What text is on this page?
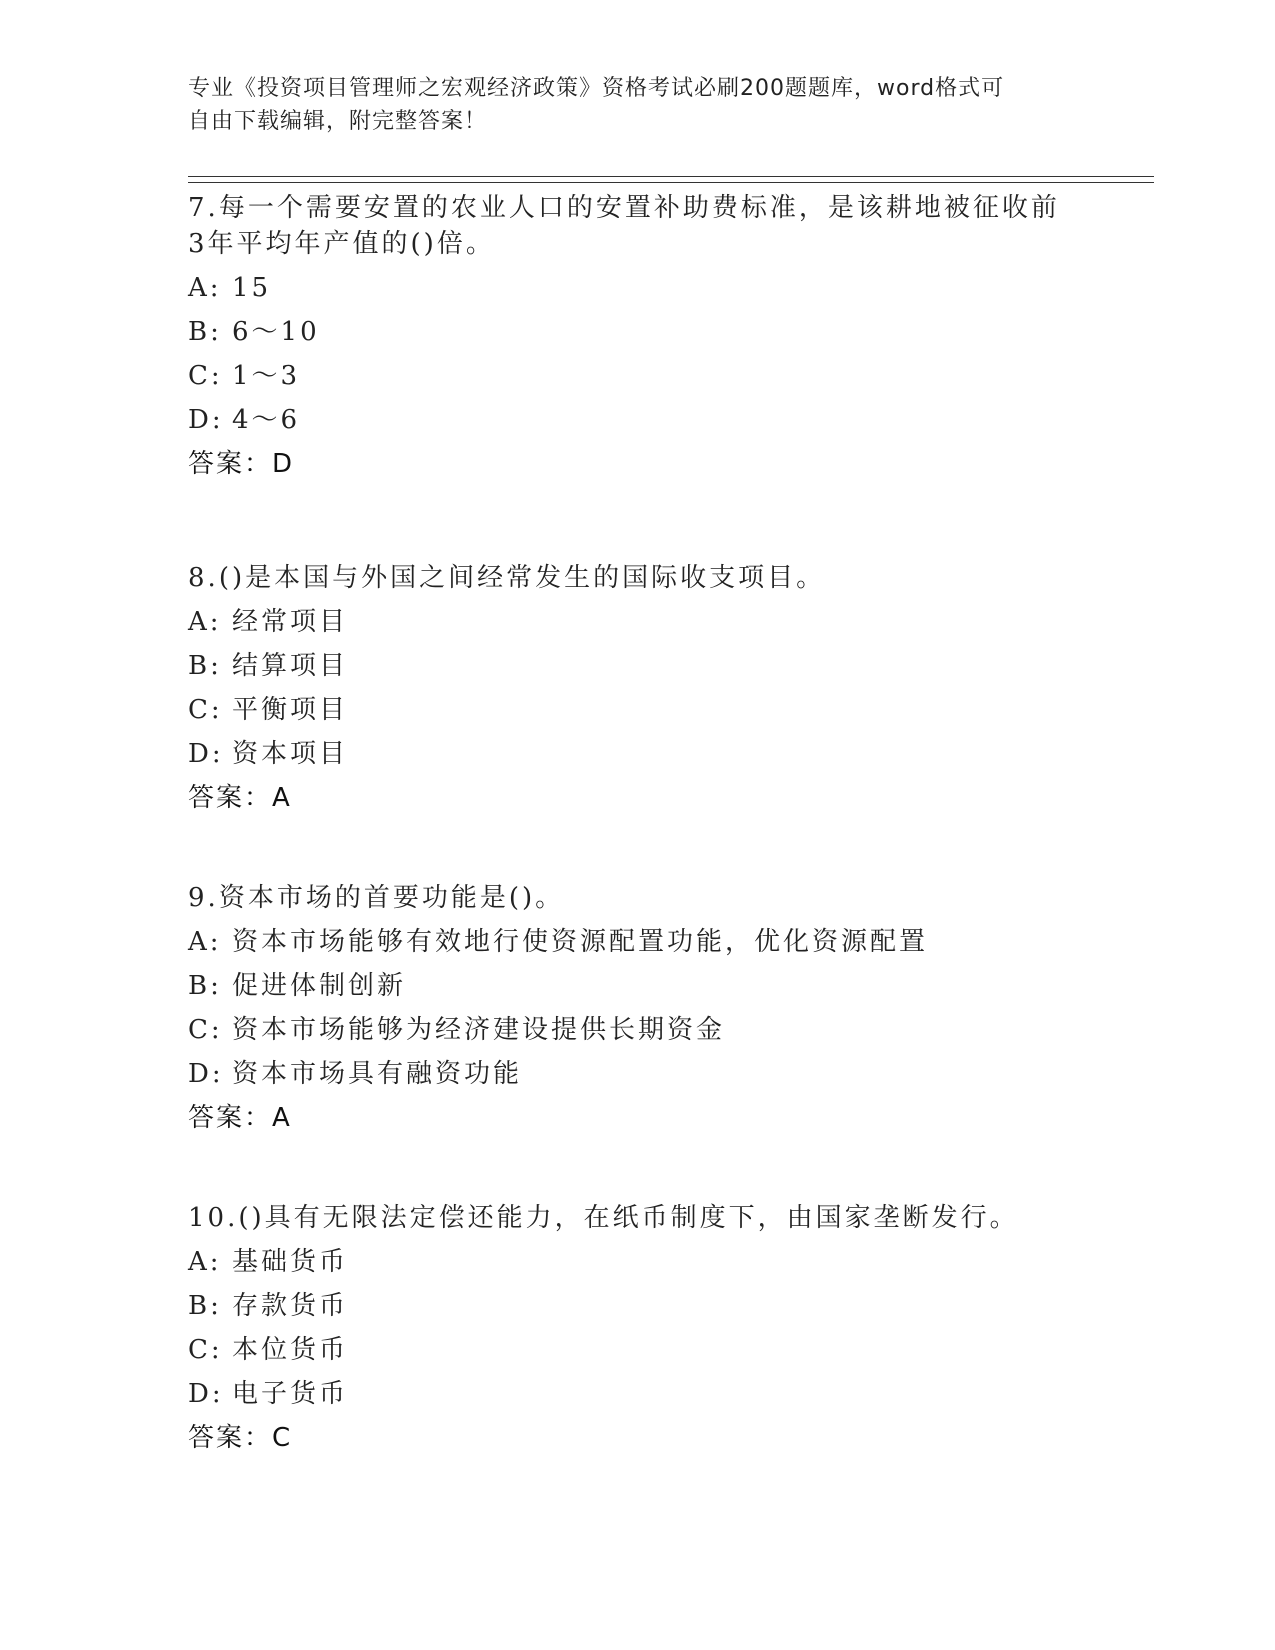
专业《投资项目管理师之宏观经济政策》资格考试必刷200题题库，word格式可
自由下载编辑，附完整答案！
7.每一个需要安置的农业人口的安置补助费标准，是该耕地被征收前
3年平均年产值的()倍。
A: 15
B: 6～10
C: 1～3
D: 4～6
答案：D
8.()是本国与外国之间经常发生的国际收支项目。
A: 经常项目
B: 结算项目
C: 平衡项目
D: 资本项目
答案：A
9.资本市场的首要功能是()。
A: 资本市场能够有效地行使资源配置功能，优化资源配置
B: 促进体制创新
C: 资本市场能够为经济建设提供长期资金
D: 资本市场具有融资功能
答案：A
10.()具有无限法定偿还能力，在纸币制度下，由国家垄断发行。
A: 基础货币
B: 存款货币
C: 本位货币
D: 电子货币
答案：C
